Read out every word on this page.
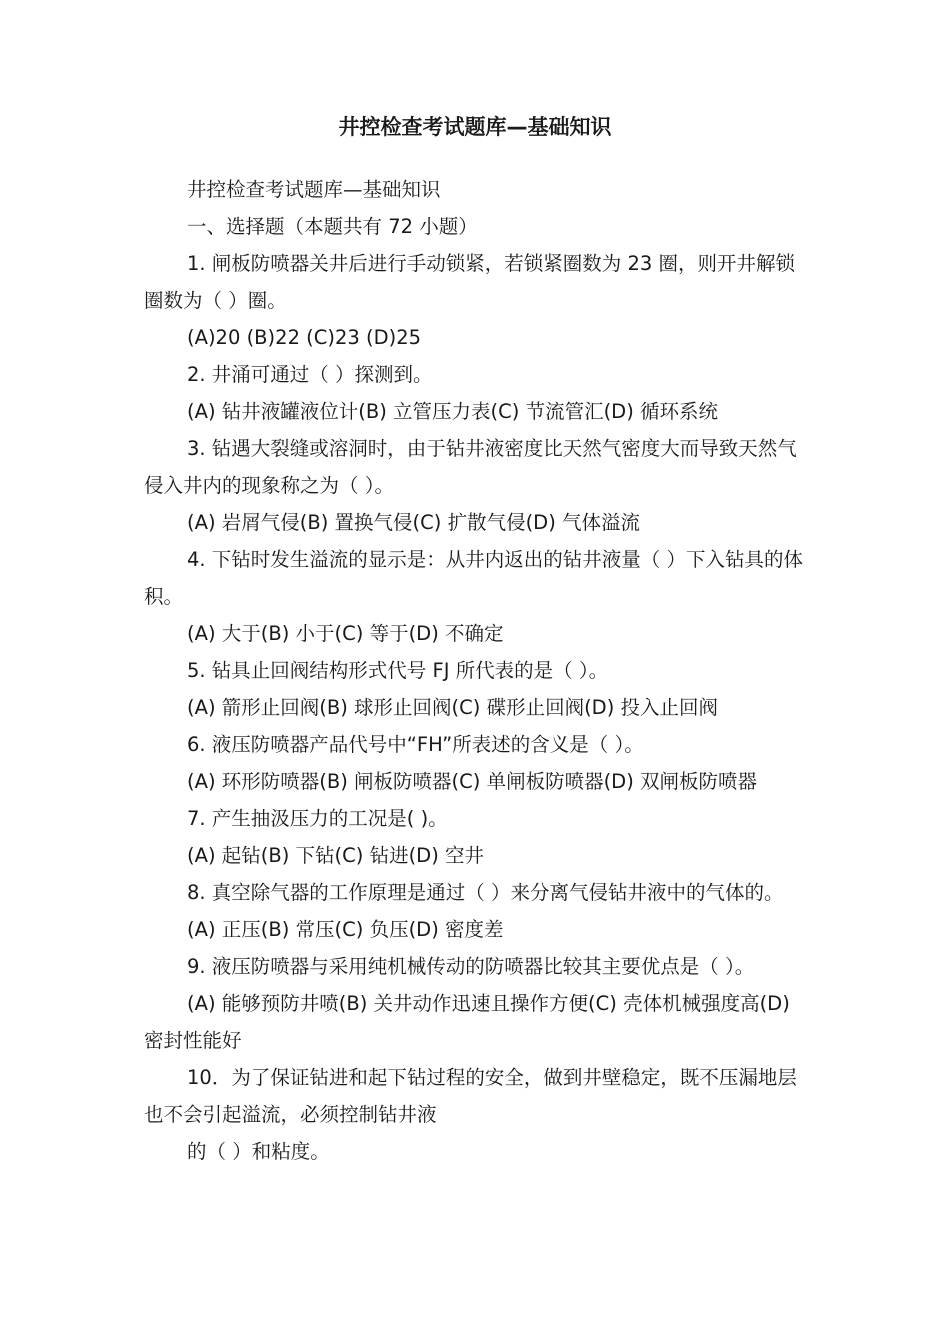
井控检查考试题库—基础知识

井控检查考试题库—基础知识

一、选择题（本题共有 72 小题）

1. 闸板防喷器关井后进行手动锁紧，若锁紧圈数为 23 圈，则开井解锁圈数为（ ）圈。

(A)20 (B)22 (C)23 (D)25

2. 井涌可通过（ ）探测到。

(A) 钻井液罐液位计(B) 立管压力表(C) 节流管汇(D) 循环系统

3. 钻遇大裂缝或溶洞时，由于钻井液密度比天然气密度大而导致天然气侵入井内的现象称之为（ ）。

(A) 岩屑气侵(B) 置换气侵(C) 扩散气侵(D) 气体溢流

4. 下钻时发生溢流的显示是：从井内返出的钻井液量（ ）下入钻具的体积。

(A) 大于(B) 小于(C) 等于(D) 不确定

5. 钻具止回阀结构形式代号 FJ 所代表的是（ ）。

(A) 箭形止回阀(B) 球形止回阀(C) 碟形止回阀(D) 投入止回阀

6. 液压防喷器产品代号中“FH”所表述的含义是（ ）。

(A) 环形防喷器(B) 闸板防喷器(C) 单闸板防喷器(D) 双闸板防喷器

7. 产生抽汲压力的工况是( )。

(A) 起钻(B) 下钻(C) 钻进(D) 空井

8. 真空除气器的工作原理是通过（ ）来分离气侵钻井液中的气体的。

(A) 正压(B) 常压(C) 负压(D) 密度差

9. 液压防喷器与采用纯机械传动的防喷器比较其主要优点是（ ）。

(A) 能够预防井喷(B) 关井动作迅速且操作方便(C) 壳体机械强度高(D) 密封性能好

10．为了保证钻进和起下钻过程的安全，做到井壁稳定，既不压漏地层也不会引起溢流，必须控制钻井液

的（ ）和粘度。
